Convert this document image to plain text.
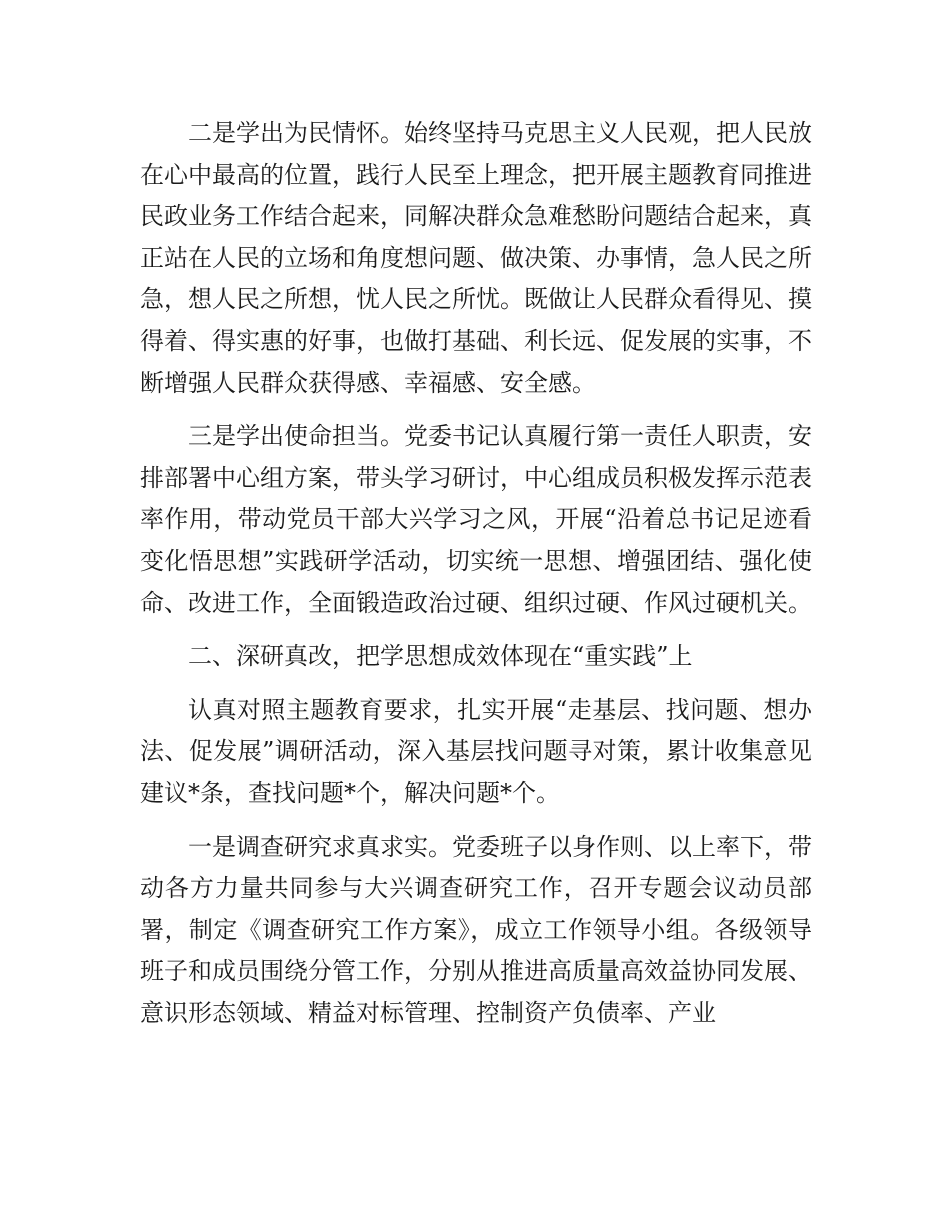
二是学出为民情怀。始终坚持马克思主义人民观，把人民放在心中最高的位置，践行人民至上理念，把开展主题教育同推进民政业务工作结合起来，同解决群众急难愁盼问题结合起来，真正站在人民的立场和角度想问题、做决策、办事情，急人民之所急，想人民之所想，忧人民之所忧。既做让人民群众看得见、摸得着、得实惠的好事，也做打基础、利长远、促发展的实事，不断增强人民群众获得感、幸福感、安全感。

三是学出使命担当。党委书记认真履行第一责任人职责，安排部署中心组方案，带头学习研讨，中心组成员积极发挥示范表率作用，带动党员干部大兴学习之风，开展“沿着总书记足迹看变化悟思想”实践研学活动，切实统一思想、增强团结、强化使命、改进工作，全面锻造政治过硬、组织过硬、作风过硬机关。

二、深研真改，把学思想成效体现在“重实践”上

认真对照主题教育要求，扎实开展“走基层、找问题、想办法、促发展”调研活动，深入基层找问题寻对策，累计收集意见建议*条，查找问题*个，解决问题*个。

一是调查研究求真求实。党委班子以身作则、以上率下，带动各方力量共同参与大兴调查研究工作，召开专题会议动员部署，制定《调查研究工作方案》，成立工作领导小组。各级领导班子和成员围绕分管工作，分别从推进高质量高效益协同发展、意识形态领域、精益对标管理、控制资产负债率、产业
